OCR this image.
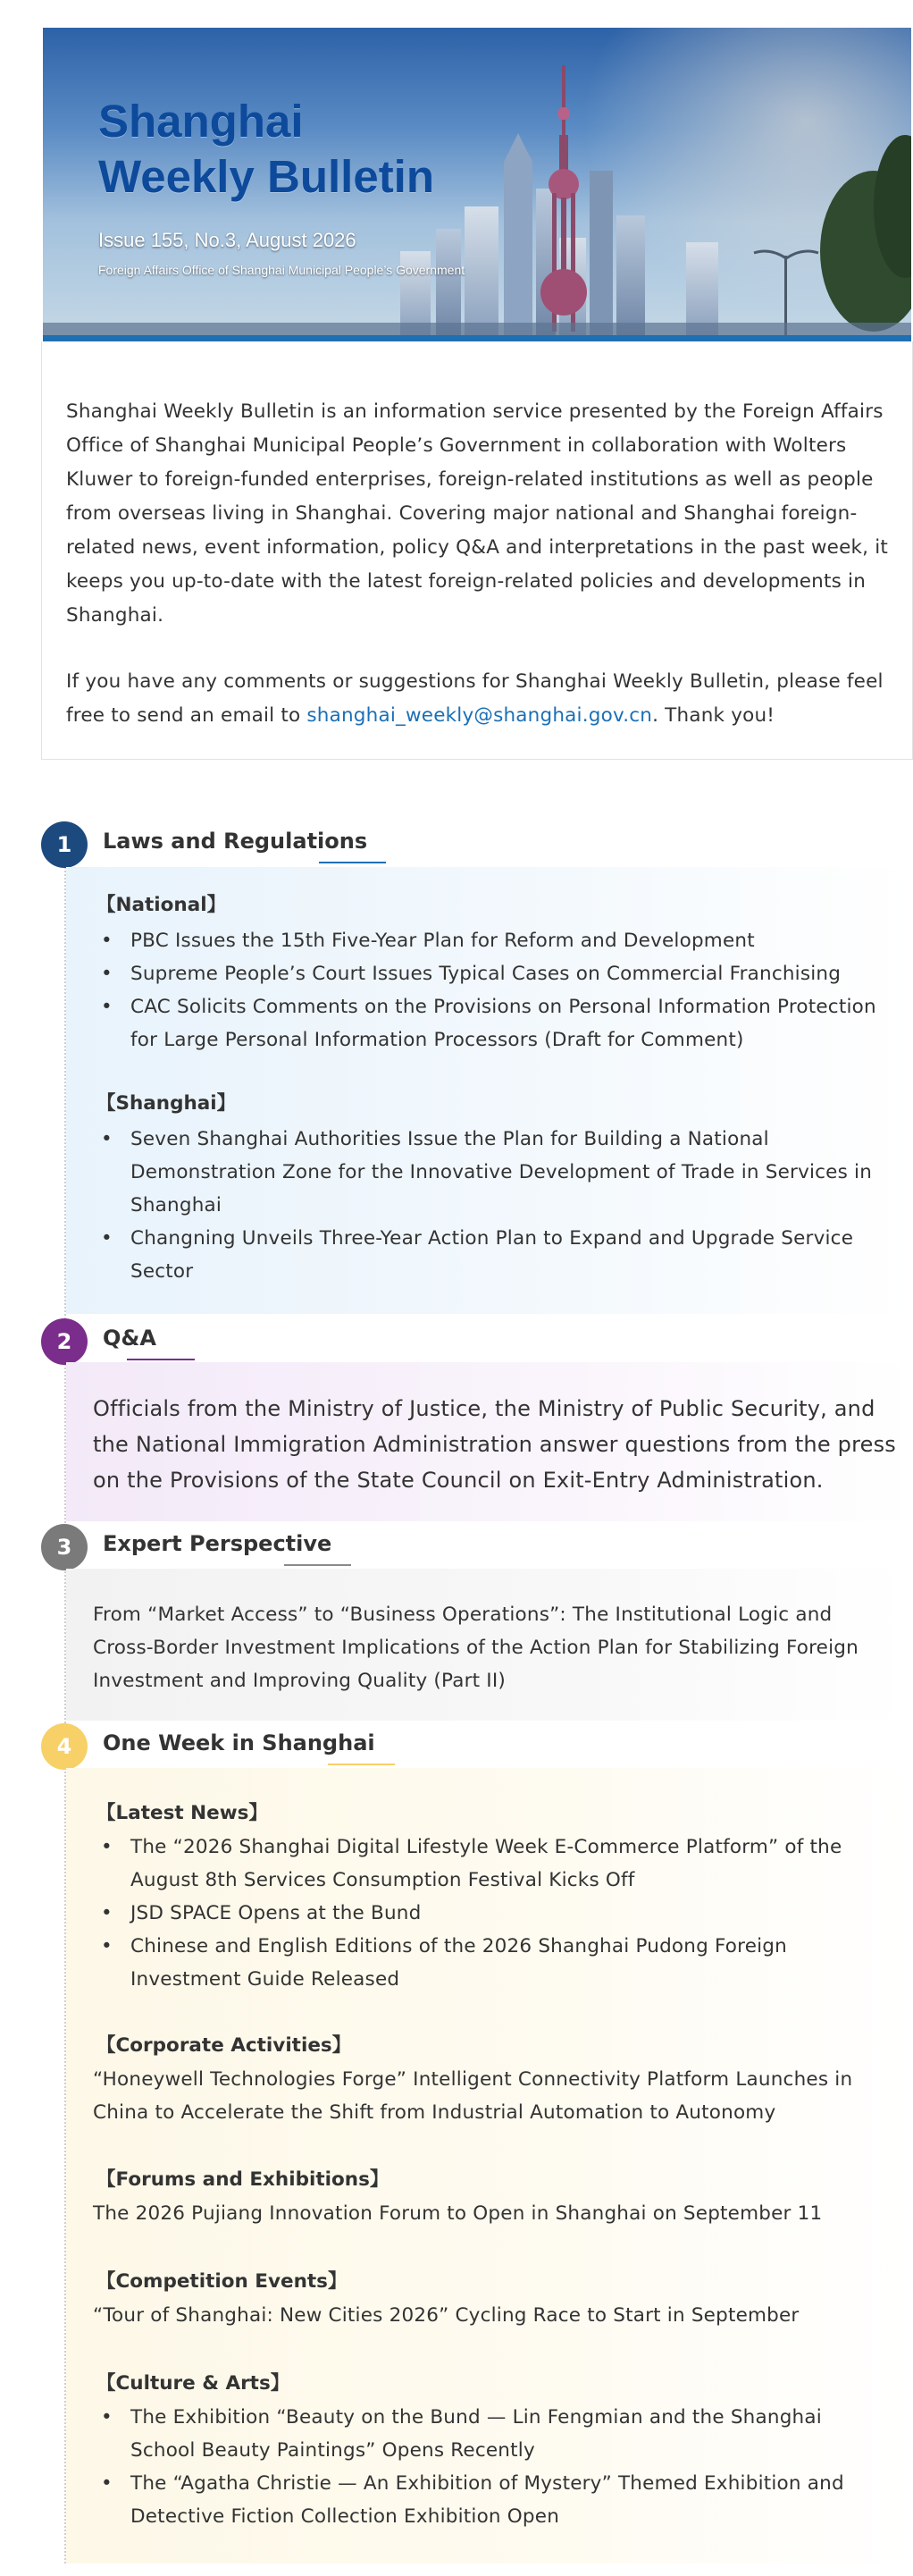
Shanghai
Weekly Bulletin
Issue 155, No.3, August 2026
Foreign Affairs Office of Shanghai Municipal People’s Government

Shanghai Weekly Bulletin is an information service presented by the Foreign Affairs Office of Shanghai Municipal People’s Government in collaboration with Wolters Kluwer to foreign-funded enterprises, foreign-related institutions as well as people from overseas living in Shanghai. Covering major national and Shanghai foreign-related news, event information, policy Q&A and interpretations in the past week, it keeps you up-to-date with the latest foreign-related policies and developments in Shanghai.

If you have any comments or suggestions for Shanghai Weekly Bulletin, please feel free to send an email to shanghai_weekly@shanghai.gov.cn. Thank you!

1	Laws and Regulations
【National】
• PBC Issues the 15th Five-Year Plan for Reform and Development
• Supreme People’s Court Issues Typical Cases on Commercial Franchising
• CAC Solicits Comments on the Provisions on Personal Information Protection for Large Personal Information Processors (Draft for Comment)
【Shanghai】
• Seven Shanghai Authorities Issue the Plan for Building a National Demonstration Zone for the Innovative Development of Trade in Services in Shanghai
• Changning Unveils Three-Year Action Plan to Expand and Upgrade Service Sector
2	Q&A
Officials from the Ministry of Justice, the Ministry of Public Security, and the National Immigration Administration answer questions from the press on the Provisions of the State Council on Exit-Entry Administration.
3	Expert Perspective
From “Market Access” to “Business Operations”: The Institutional Logic and Cross-Border Investment Implications of the Action Plan for Stabilizing Foreign Investment and Improving Quality (Part II)
4	One Week in Shanghai
【Latest News】
• The “2026 Shanghai Digital Lifestyle Week E-Commerce Platform” of the August 8th Services Consumption Festival Kicks Off
• JSD SPACE Opens at the Bund
• Chinese and English Editions of the 2026 Shanghai Pudong Foreign Investment Guide Released
【Corporate Activities】
“Honeywell Technologies Forge” Intelligent Connectivity Platform Launches in China to Accelerate the Shift from Industrial Automation to Autonomy
【Forums and Exhibitions】
The 2026 Pujiang Innovation Forum to Open in Shanghai on September 11
【Competition Events】
“Tour of Shanghai: New Cities 2026” Cycling Race to Start in September
【Culture & Arts】
• The Exhibition “Beauty on the Bund — Lin Fengmian and the Shanghai School Beauty Paintings” Opens Recently
• The “Agatha Christie — An Exhibition of Mystery” Themed Exhibition and Detective Fiction Collection Exhibition Open
